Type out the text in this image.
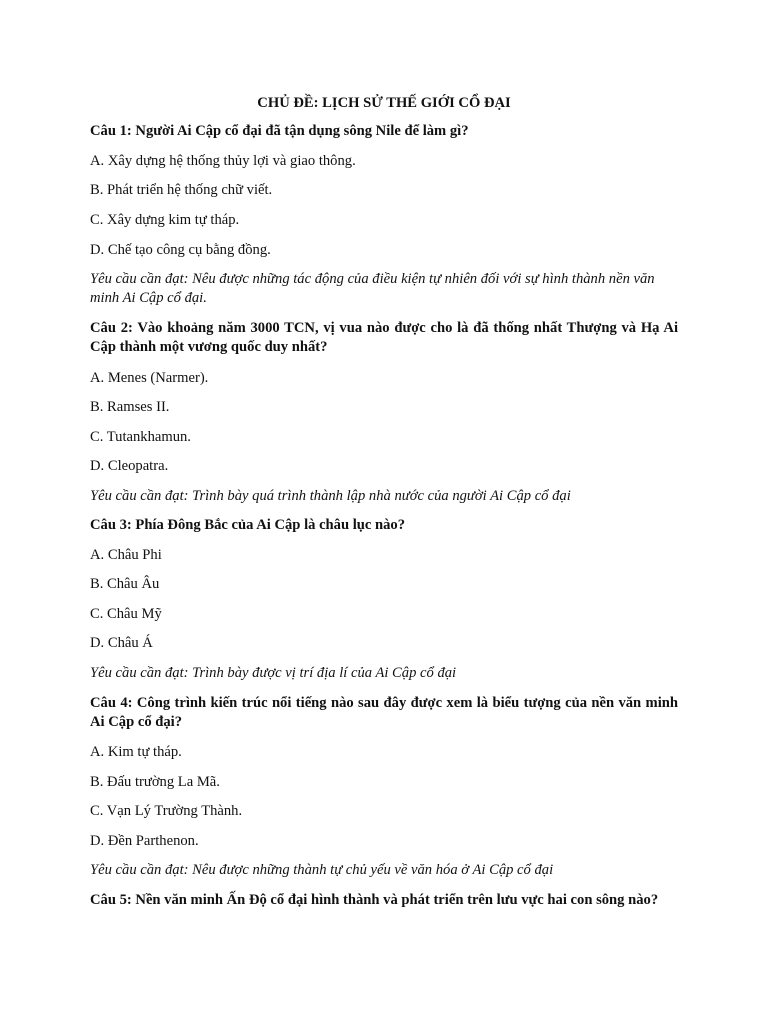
CHỦ ĐỀ: LỊCH SỬ THẾ GIỚI CỔ ĐẠI
Câu 1: Người Ai Cập cổ đại đã tận dụng sông Nile để làm gì?
A. Xây dựng hệ thống thủy lợi và giao thông.
B. Phát triển hệ thống chữ viết.
C. Xây dựng kim tự tháp.
D. Chế tạo công cụ bằng đồng.
Yêu cầu cần đạt: Nêu được những tác động của điều kiện tự nhiên đối với sự hình thành nền văn minh Ai Cập cổ đại.
Câu 2: Vào khoảng năm 3000 TCN, vị vua nào được cho là đã thống nhất Thượng và Hạ Ai Cập thành một vương quốc duy nhất?
A. Menes (Narmer).
B. Ramses II.
C. Tutankhamun.
D. Cleopatra.
Yêu cầu cần đạt: Trình bày quá trình thành lập nhà nước của người Ai Cập cổ đại
Câu 3: Phía Đông Bắc của Ai Cập là châu lục nào?
A. Châu Phi
B. Châu Âu
C. Châu Mỹ
D. Châu Á
Yêu cầu cần đạt: Trình bày được vị trí địa lí của Ai Cập cổ đại
Câu 4: Công trình kiến trúc nổi tiếng nào sau đây được xem là biểu tượng của nền văn minh Ai Cập cổ đại?
A. Kim tự tháp.
B. Đấu trường La Mã.
C. Vạn Lý Trường Thành.
D. Đền Parthenon.
Yêu cầu cần đạt: Nêu được những thành tự chủ yếu về văn hóa ở Ai Cập cổ đại
Câu 5: Nền văn minh Ấn Độ cổ đại hình thành và phát triển trên lưu vực hai con sông nào?
